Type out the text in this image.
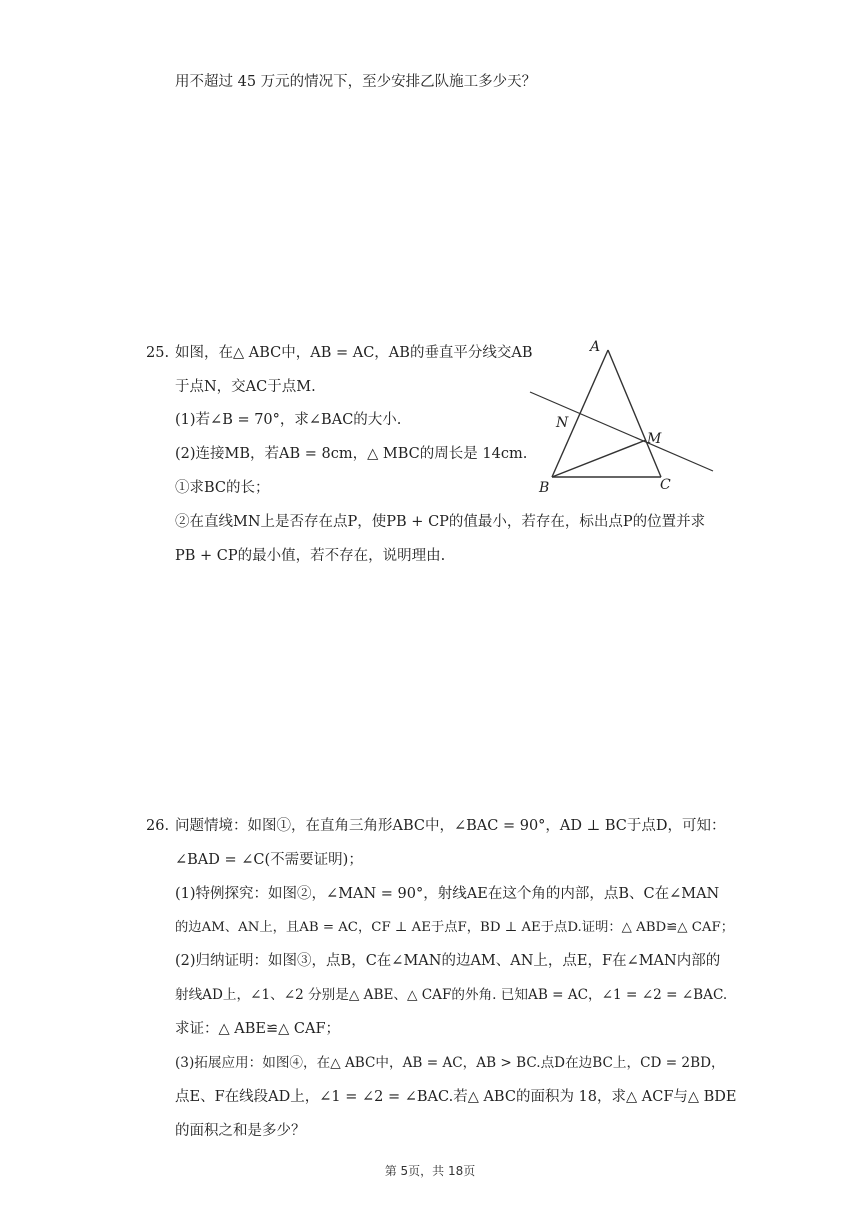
用不超过 45 万元的情况下，至少安排乙队施工多少天？
25. 如图，在△ ABC中，AB = AC，AB的垂直平分线交AB
于点N，交AC于点M.
(1)若∠B = 70°，求∠BAC的大小.
(2)连接MB，若AB = 8cm，△ MBC的周长是 14cm.
①求BC的长；
②在直线MN上是否存在点P，使PB + CP的值最小，若存在，标出点P的位置并求
PB + CP的最小值，若不存在，说明理由.
A
N
M
B	C
26. 问题情境：如图①，在直角三角形ABC中，∠BAC = 90°，AD ⊥ BC于点D，可知：
∠BAD = ∠C(不需要证明)；
(1)特例探究：如图②，∠MAN = 90°，射线AE在这个角的内部，点B、C在∠MAN
的边AM、AN上，且AB = AC，CF ⊥ AE于点F，BD ⊥ AE于点D.证明：△ ABD≌△ CAF；
(2)归纳证明：如图③，点B，C在∠MAN的边AM、AN上，点E，F在∠MAN内部的
射线AD上，∠1、∠2 分别是△ ABE、△ CAF的外角. 已知AB = AC，∠1 = ∠2 = ∠BAC.
求证：△ ABE≌△ CAF；
(3)拓展应用：如图④，在△ ABC中，AB = AC，AB > BC.点D在边BC上，CD = 2BD，
点E、F在线段AD上，∠1 = ∠2 = ∠BAC.若△ ABC的面积为 18，求△ ACF与△ BDE
的面积之和是多少？
第 5页，共 18页
